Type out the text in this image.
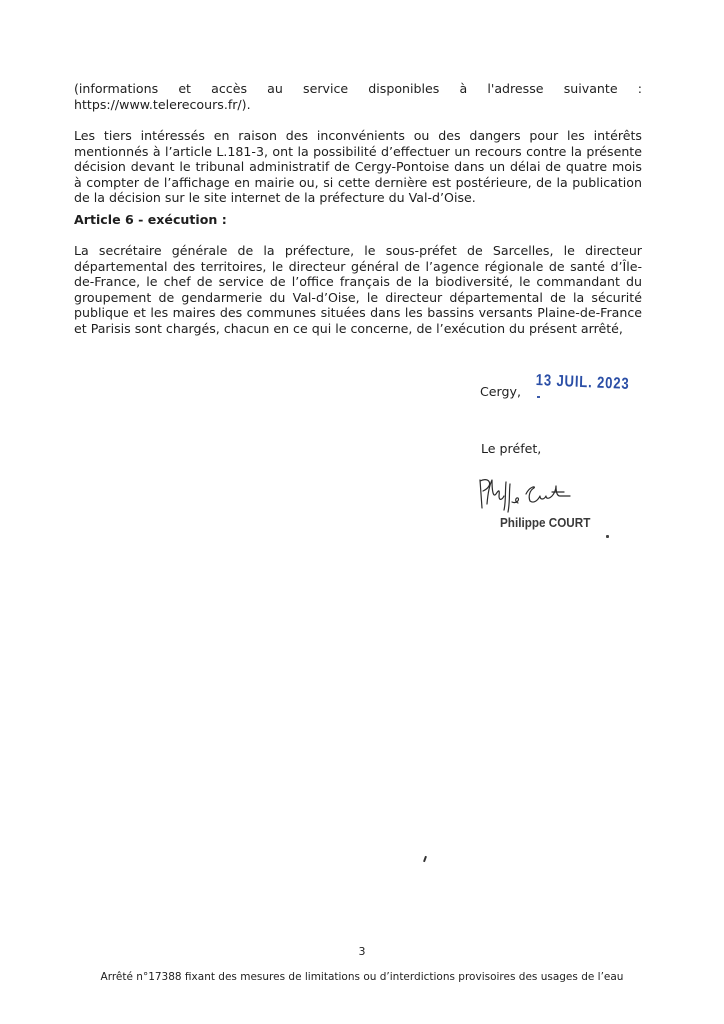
(informations et accès au service disponibles à l'adresse suivante :
https://www.telerecours.fr/).

Les tiers intéressés en raison des inconvénients ou des dangers pour les intérêts mentionnés à l’article L.181-3, ont la possibilité d’effectuer un recours contre la présente décision devant le tribunal administratif de Cergy-Pontoise dans un délai de quatre mois à compter de l’affichage en mairie ou, si cette dernière est postérieure, de la publication de la décision sur le site internet de la préfecture du Val-d’Oise.

Article 6 - exécution :

La secrétaire générale de la préfecture, le sous-préfet de Sarcelles, le directeur départemental des territoires, le directeur général de l’agence régionale de santé d’Île-de-France, le chef de service de l’office français de la biodiversité, le commandant du groupement de gendarmerie du Val-d’Oise, le directeur départemental de la sécurité publique et les maires des communes situées dans les bassins versants Plaine-de-France et Parisis sont chargés, chacun en ce qui le concerne, de l’exécution du présent arrêté,

Cergy, 13 JUIL. 2023
Le préfet,
Philippe COURT
3
Arrêté n°17388 fixant des mesures de limitations ou d’interdictions provisoires des usages de l’eau
